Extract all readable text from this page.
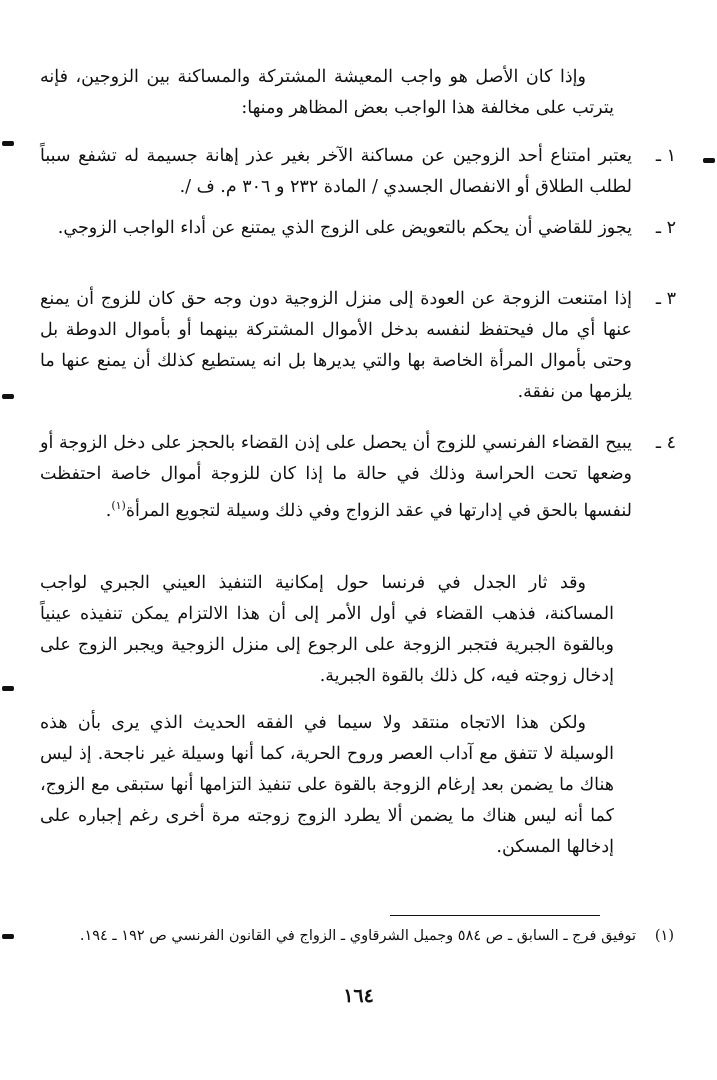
وإذا كان الأصل هو واجب المعيشة المشتركة والمساكنة بين الزوجين، فإنه يترتب على مخالفة هذا الواجب بعض المظاهر ومنها:

١ ـ
يعتبر امتناع أحد الزوجين عن مساكنة الآخر بغير عذر إهانة جسيمة له تشفع سبباً لطلب الطلاق أو الانفصال الجسدي / المادة ٢٣٢ و ٣٠٦ م. ف /.
٢ ـ
يجوز للقاضي أن يحكم بالتعويض على الزوج الذي يمتنع عن أداء الواجب الزوجي.
٣ ـ
إذا امتنعت الزوجة عن العودة إلى منزل الزوجية دون وجه حق كان للزوج أن يمنع عنها أي مال فيحتفظ لنفسه بدخل الأموال المشتركة بينهما أو بأموال الدوطة بل وحتى بأموال المرأة الخاصة بها والتي يديرها بل انه يستطيع كذلك أن يمنع عنها ما يلزمها من نفقة.
٤ ـ
يبيح القضاء الفرنسي للزوج أن يحصل على إذن القضاء بالحجز على دخل الزوجة أو وضعها تحت الحراسة وذلك في حالة ما إذا كان للزوجة أموال خاصة احتفظت لنفسها بالحق في إدارتها في عقد الزواج وفي ذلك وسيلة لتجويع المرأة$^{(١)}$.

وقد ثار الجدل في فرنسا حول إمكانية التنفيذ العيني الجبري لواجب المساكنة، فذهب القضاء في أول الأمر إلى أن هذا الالتزام يمكن تنفيذه عينياً وبالقوة الجبرية فتجبر الزوجة على الرجوع إلى منزل الزوجية ويجبر الزوج على إدخال زوجته فيه، كل ذلك بالقوة الجبرية.

ولكن هذا الاتجاه منتقد ولا سيما في الفقه الحديث الذي يرى بأن هذه الوسيلة لا تتفق مع آداب العصر وروح الحرية، كما أنها وسيلة غير ناجحة. إذ ليس هناك ما يضمن بعد إرغام الزوجة بالقوة على تنفيذ التزامها أنها ستبقى مع الزوج، كما أنه ليس هناك ما يضمن ألا يطرد الزوج زوجته مرة أخرى رغم إجباره على إدخالها المسكن.

(١)
توفيق فرج ـ السابق ـ ص ٥٨٤ وجميل الشرقاوي ـ الزواج في القانون الفرنسي ص ١٩٢ ـ ١٩٤.
١٦٤
